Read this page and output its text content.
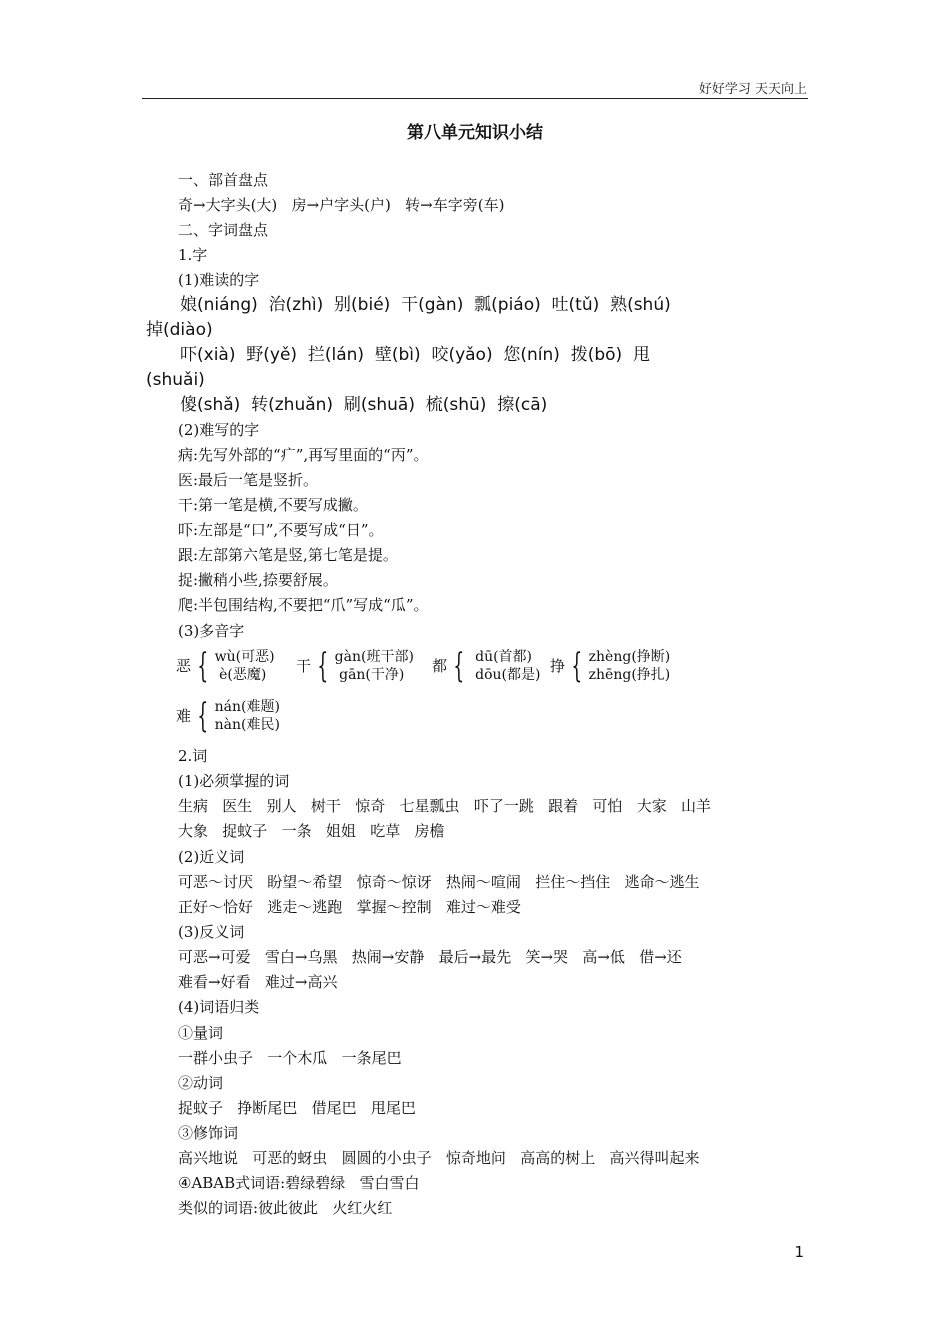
好好学习 天天向上
第八单元知识小结
一、部首盘点
奇→大字头(大)   房→户字头(户)   转→车字旁(车)
二、字词盘点
1.字
(1)难读的字
娘(niáng)  治(zhì)  别(bié)  干(gàn)  瓢(piáo)  吐(tǔ)  熟(shú)
掉(diào)
吓(xià)  野(yě)  拦(lán)  壁(bì)  咬(yǎo)  您(nín)  拨(bō)  甩
(shuǎi)
傻(shǎ)  转(zhuǎn)  刷(shuā)  梳(shū)  擦(cā)
(2)难写的字
病:先写外部的“疒”,再写里面的“丙”。
医:最后一笔是竖折。
干:第一笔是横,不要写成撇。
吓:左部是“口”,不要写成“日”。
跟:左部第六笔是竖,第七笔是提。
捉:撇稍小些,捺要舒展。
爬:半包围结构,不要把“爪”写成“瓜”。
(3)多音字
恶 { wù(可恶)
è(恶魔)	干 { gàn(班干部)
gān(干净)	都 { dū(首都)
dōu(都是) 挣 { zhèng(挣断)
zhēng(挣扎)
难 { nán(难题)
nàn(难民)
2.词
(1)必须掌握的词
生病   医生   别人   树干   惊奇   七星瓢虫   吓了一跳   跟着   可怕   大家   山羊
大象   捉蚊子   一条   姐姐   吃草   房檐
(2)近义词
可恶～讨厌   盼望～希望   惊奇～惊讶   热闹～喧闹   拦住～挡住   逃命～逃生
正好～恰好   逃走～逃跑   掌握～控制   难过～难受
(3)反义词
可恶→可爱   雪白→乌黑   热闹→安静   最后→最先   笑→哭   高→低   借→还
难看→好看   难过→高兴
(4)词语归类
①量词
一群小虫子   一个木瓜   一条尾巴
②动词
捉蚊子   挣断尾巴   借尾巴   甩尾巴
③修饰词
高兴地说   可恶的蚜虫   圆圆的小虫子   惊奇地问   高高的树上   高兴得叫起来
④ABAB式词语:碧绿碧绿   雪白雪白
类似的词语:彼此彼此   火红火红
1
